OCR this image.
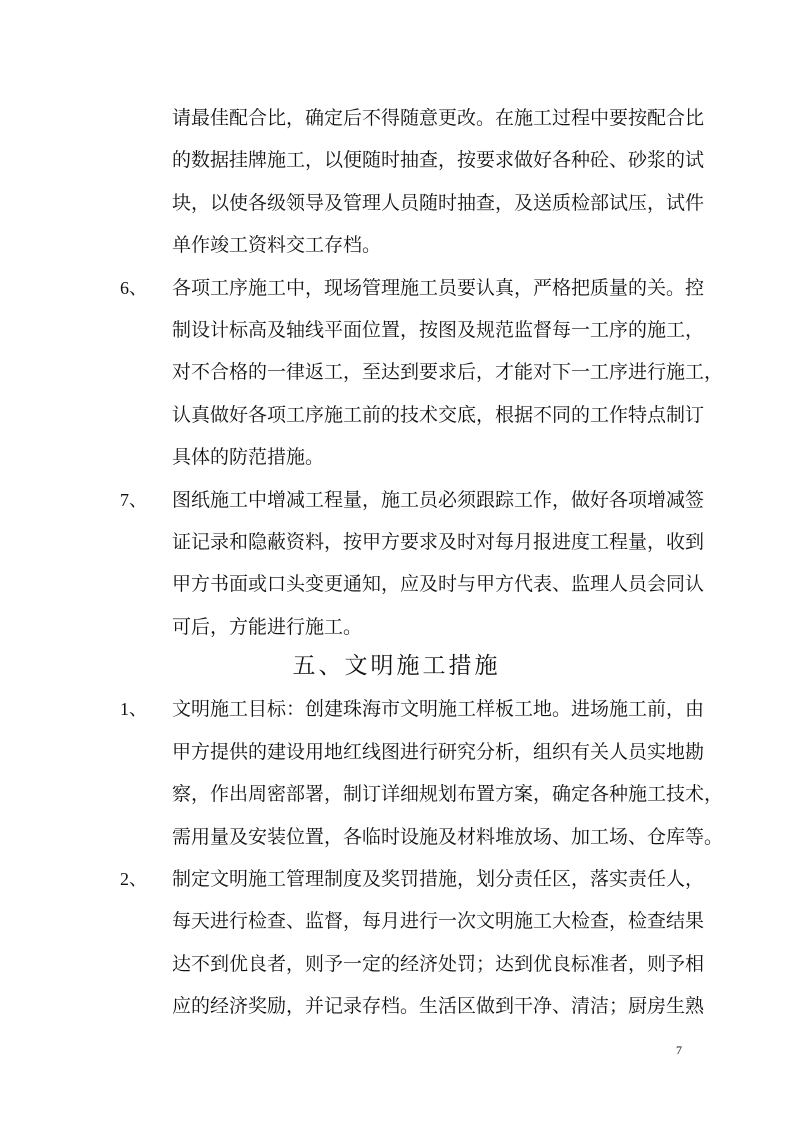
请最佳配合比，确定后不得随意更改。在施工过程中要按配合比
的数据挂牌施工，以便随时抽查，按要求做好各种砼、砂浆的试
块，以使各级领导及管理人员随时抽查，及送质检部试压，试件
单作竣工资料交工存档。
6、 各项工序施工中，现场管理施工员要认真，严格把质量的关。控
制设计标高及轴线平面位置，按图及规范监督每一工序的施工，
对不合格的一律返工，至达到要求后，才能对下一工序进行施工，
认真做好各项工序施工前的技术交底，根据不同的工作特点制订
具体的防范措施。
7、 图纸施工中增减工程量，施工员必须跟踪工作，做好各项增减签
证记录和隐蔽资料，按甲方要求及时对每月报进度工程量，收到
甲方书面或口头变更通知，应及时与甲方代表、监理人员会同认
可后，方能进行施工。
五、文明施工措施
1、 文明施工目标：创建珠海市文明施工样板工地。进场施工前，由
甲方提供的建设用地红线图进行研究分析，组织有关人员实地勘
察，作出周密部署，制订详细规划布置方案，确定各种施工技术，
需用量及安装位置，各临时设施及材料堆放场、加工场、仓库等。
2、 制定文明施工管理制度及奖罚措施，划分责任区，落实责任人，
每天进行检查、监督，每月进行一次文明施工大检查，检查结果
达不到优良者，则予一定的经济处罚；达到优良标准者，则予相
应的经济奖励，并记录存档。生活区做到干净、清洁；厨房生熟
7
